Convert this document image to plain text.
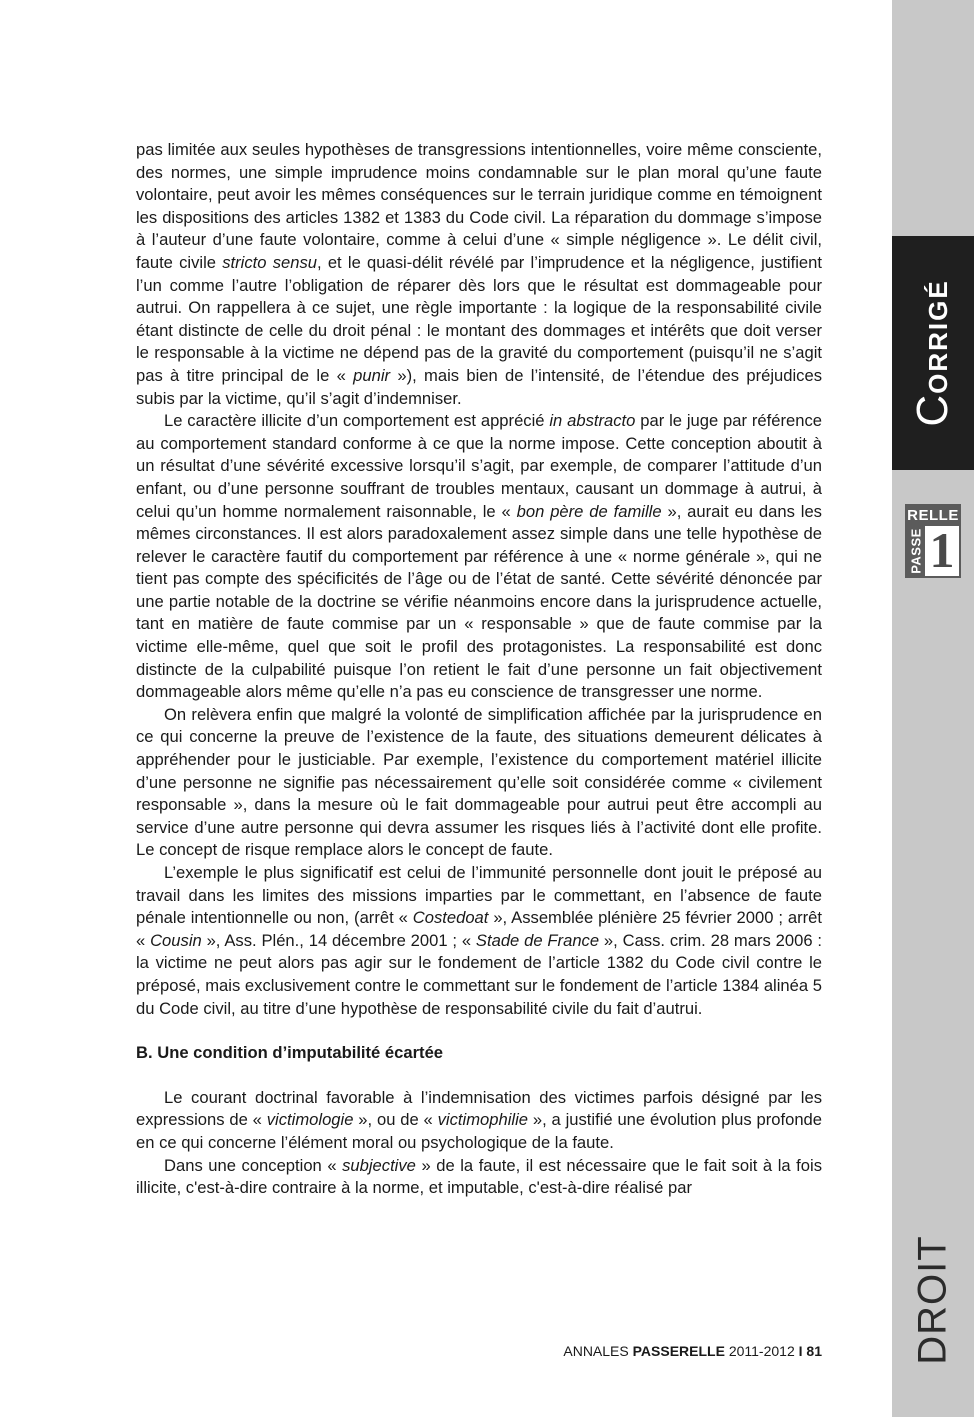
CORRIGÉ
RELLE
PASSE 1
DROIT

pas limitée aux seules hypothèses de transgressions intentionnelles, voire même consciente, des normes, une simple imprudence moins condamnable sur le plan moral qu’une faute volontaire, peut avoir les mêmes conséquences sur le terrain juridique comme en témoignent les dispositions des articles 1382 et 1383 du Code civil. La réparation du dommage s’impose à l’auteur d’une faute volontaire, comme à celui d’une « simple négligence ». Le délit civil, faute civile stricto sensu, et le quasi-délit révélé par l’imprudence et la négligence, justifient l’un comme l’autre l’obligation de réparer dès lors que le résultat est dommageable pour autrui. On rappellera à ce sujet, une règle importante : la logique de la responsabilité civile étant distincte de celle du droit pénal : le montant des dommages et intérêts que doit verser le responsable à la victime ne dépend pas de la gravité du comportement (puisqu’il ne s’agit pas à titre principal de le « punir »), mais bien de l’intensité, de l’étendue des préjudices subis par la victime, qu’il s’agit d’indemniser.

Le caractère illicite d’un comportement est apprécié in abstracto par le juge par référence au comportement standard conforme à ce que la norme impose. Cette conception aboutit à un résultat d’une sévérité excessive lorsqu’il s’agit, par exemple, de comparer l’attitude d’un enfant, ou d’une personne souffrant de troubles mentaux, causant un dommage à autrui, à celui qu’un homme normalement raisonnable, le « bon père de famille », aurait eu dans les mêmes circonstances. Il est alors paradoxalement assez simple dans une telle hypothèse de relever le caractère fautif du comportement par référence à une « norme générale », qui ne tient pas compte des spécificités de l’âge ou de l’état de santé. Cette sévérité dénoncée par une partie notable de la doctrine se vérifie néanmoins encore dans la jurisprudence actuelle, tant en matière de faute commise par un « responsable » que de faute commise par la victime elle-même, quel que soit le profil des protagonistes. La responsabilité est donc distincte de la culpabilité puisque l’on retient le fait d’une personne un fait objectivement dommageable alors même qu’elle n’a pas eu conscience de transgresser une norme.

On relèvera enfin que malgré la volonté de simplification affichée par la jurisprudence en ce qui concerne la preuve de l’existence de la faute, des situations demeurent délicates à appréhender pour le justiciable. Par exemple, l’existence du comportement matériel illicite d’une personne ne signifie pas nécessairement qu’elle soit considérée comme « civilement responsable », dans la mesure où le fait dommageable pour autrui peut être accompli au service d’une autre personne qui devra assumer les risques liés à l’activité dont elle profite. Le concept de risque remplace alors le concept de faute.

L’exemple le plus significatif est celui de l’immunité personnelle dont jouit le préposé au travail dans les limites des missions imparties par le commettant, en l’absence de faute pénale intentionnelle ou non, (arrêt « Costedoat », Assemblée plénière 25 février 2000 ; arrêt « Cousin », Ass. Plén., 14 décembre 2001 ; « Stade de France », Cass. crim. 28 mars 2006 : la victime ne peut alors pas agir sur le fondement de l’article 1382 du Code civil contre le préposé, mais exclusivement contre le commettant sur le fondement de l’article 1384 alinéa 5 du Code civil, au titre d’une hypothèse de responsabilité civile du fait d’autrui.

B. Une condition d’imputabilité écartée

Le courant doctrinal favorable à l’indemnisation des victimes parfois désigné par les expressions de « victimologie », ou de « victimophilie », a justifié une évolution plus profonde en ce qui concerne l’élément moral ou psychologique de la faute.

Dans une conception « subjective » de la faute, il est nécessaire que le fait soit à la fois illicite, c'est-à-dire contraire à la norme, et imputable, c'est-à-dire réalisé par

ANNALES PASSERELLE 2011-2012 I 81
